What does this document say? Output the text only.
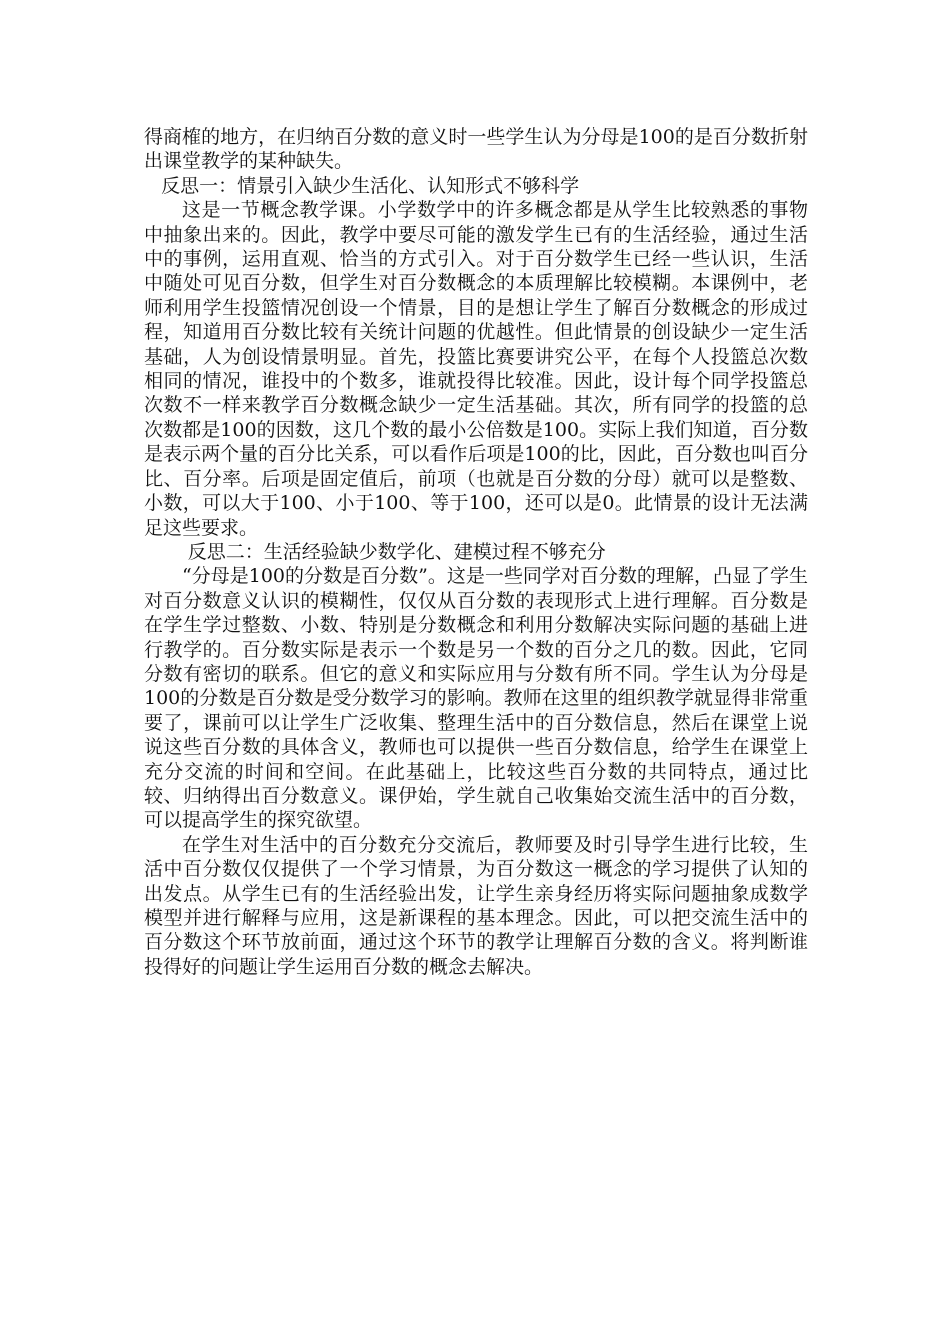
得商榷的地方，在归纳百分数的意义时一些学生认为分母是100的是百分数折射出课堂教学的某种缺失。

反思一：情景引入缺少生活化、认知形式不够科学

这是一节概念教学课。小学数学中的许多概念都是从学生比较熟悉的事物中抽象出来的。因此，教学中要尽可能的激发学生已有的生活经验，通过生活中的事例，运用直观、恰当的方式引入。对于百分数学生已经一些认识，生活中随处可见百分数，但学生对百分数概念的本质理解比较模糊。本课例中，老师利用学生投篮情况创设一个情景，目的是想让学生了解百分数概念的形成过程，知道用百分数比较有关统计问题的优越性。但此情景的创设缺少一定生活基础，人为创设情景明显。首先，投篮比赛要讲究公平，在每个人投篮总次数相同的情况，谁投中的个数多，谁就投得比较准。因此，设计每个同学投篮总次数不一样来教学百分数概念缺少一定生活基础。其次，所有同学的投篮的总次数都是100的因数，这几个数的最小公倍数是100。实际上我们知道，百分数是表示两个量的百分比关系，可以看作后项是100的比，因此，百分数也叫百分比、百分率。后项是固定值后，前项（也就是百分数的分母）就可以是整数、小数，可以大于100、小于100、等于100，还可以是0。此情景的设计无法满足这些要求。

反思二：生活经验缺少数学化、建模过程不够充分

“分母是100的分数是百分数”。这是一些同学对百分数的理解，凸显了学生对百分数意义认识的模糊性，仅仅从百分数的表现形式上进行理解。百分数是在学生学过整数、小数、特别是分数概念和利用分数解决实际问题的基础上进行教学的。百分数实际是表示一个数是另一个数的百分之几的数。因此，它同分数有密切的联系。但它的意义和实际应用与分数有所不同。学生认为分母是100的分数是百分数是受分数学习的影响。教师在这里的组织教学就显得非常重要了，课前可以让学生广泛收集、整理生活中的百分数信息，然后在课堂上说说这些百分数的具体含义，教师也可以提供一些百分数信息，给学生在课堂上充分交流的时间和空间。在此基础上，比较这些百分数的共同特点，通过比较、归纳得出百分数意义。课伊始，学生就自己收集始交流生活中的百分数，可以提高学生的探究欲望。

在学生对生活中的百分数充分交流后，教师要及时引导学生进行比较，生活中百分数仅仅提供了一个学习情景，为百分数这一概念的学习提供了认知的出发点。从学生已有的生活经验出发，让学生亲身经历将实际问题抽象成数学模型并进行解释与应用，这是新课程的基本理念。因此，可以把交流生活中的百分数这个环节放前面，通过这个环节的教学让理解百分数的含义。将判断谁投得好的问题让学生运用百分数的概念去解决。
